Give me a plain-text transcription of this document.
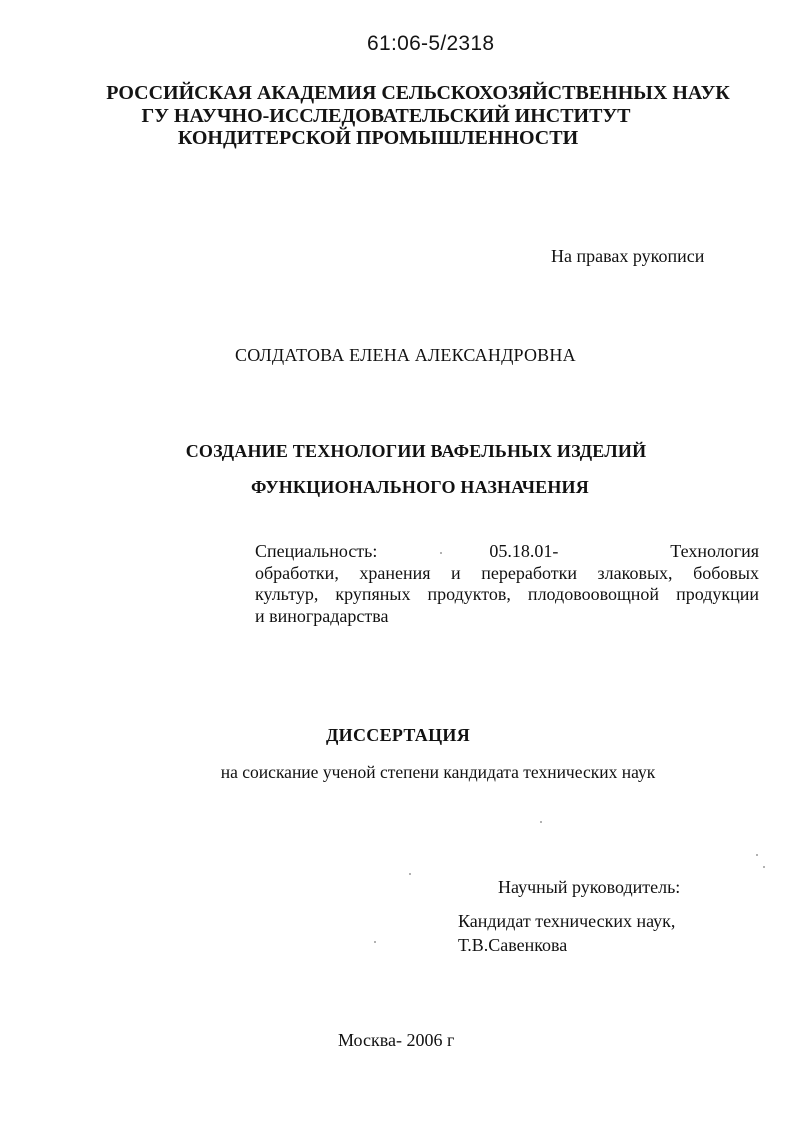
61:06-5/2318
РОССИЙСКАЯ АКАДЕМИЯ СЕЛЬСКОХОЗЯЙСТВЕННЫХ НАУК
ГУ НАУЧНО-ИССЛЕДОВАТЕЛЬСКИЙ ИНСТИТУТ
КОНДИТЕРСКОЙ ПРОМЫШЛЕННОСТИ
На правах рукописи
СОЛДАТОВА ЕЛЕНА АЛЕКСАНДРОВНА
СОЗДАНИЕ ТЕХНОЛОГИИ ВАФЕЛЬНЫХ ИЗДЕЛИЙ
ФУНКЦИОНАЛЬНОГО НАЗНАЧЕНИЯ
Специальность:	05.18.01-	Технология
обработки, хранения и переработки злаковых, бобовых
культур, крупяных продуктов, плодовоовощной продукции
и виноградарства
ДИССЕРТАЦИЯ
на соискание ученой степени кандидата технических наук
Научный руководитель:
Кандидат технических наук,
Т.В.Савенкова
Москва- 2006 г
